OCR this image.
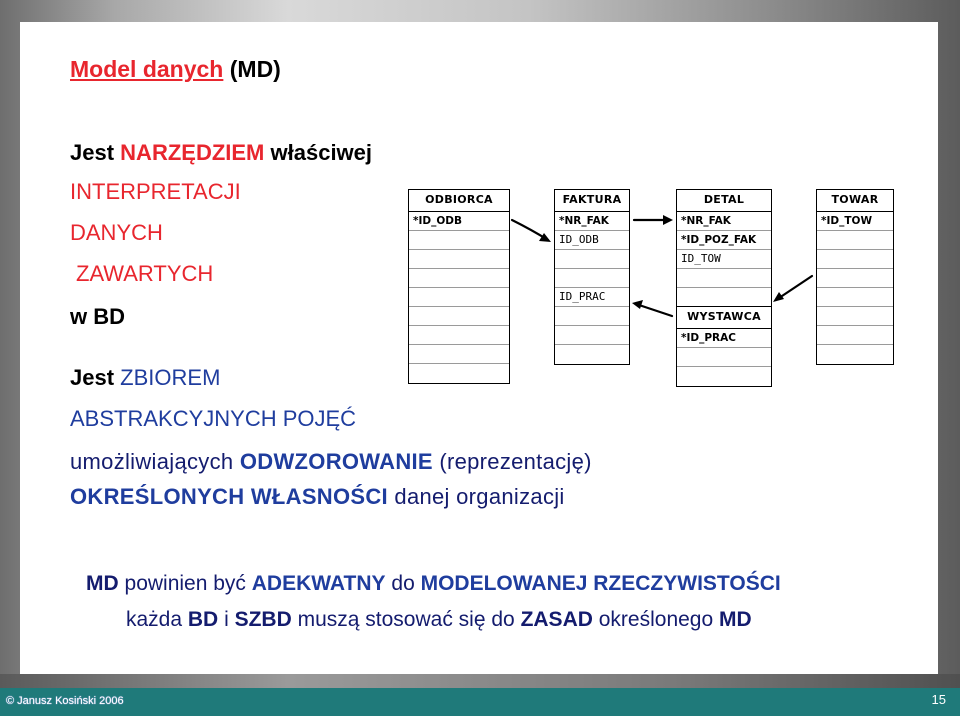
Model danych (MD)
Jest NARZĘDZIEM właściwej
INTERPRETACJI
DANYCH
ZAWARTYCH
w BD
Jest ZBIOREM
ABSTRAKCYJNYCH POJĘĆ
umożliwiających ODWZOROWANIE (reprezentację)
OKREŚLONYCH WŁASNOŚCI danej organizacji
MD powinien być ADEKWATNY do MODELOWANEJ RZECZYWISTOŚCI
każda BD i SZBD muszą stosować się do ZASAD określonego MD
ODBIORCA
*ID_ODB
FAKTURA
*NR_FAK
ID_ODB
ID_PRAC
DETAL
*NR_FAK
*ID_POZ_FAK
ID_TOW
WYSTAWCA
*ID_PRAC
TOWAR
*ID_TOW
© Janusz Kosiński 2006	15
